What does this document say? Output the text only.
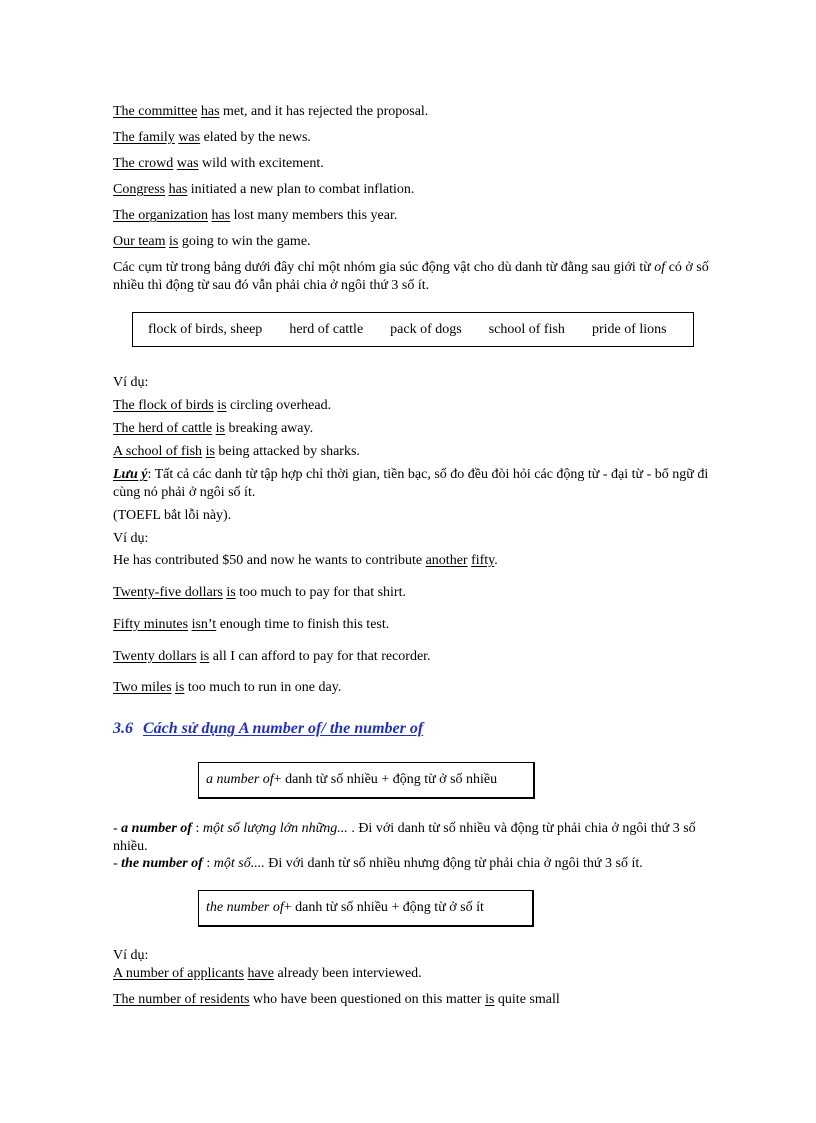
The committee has met, and it has rejected the proposal.
The family was elated by the news.
The crowd was wild with excitement.
Congress has initiated a new plan to combat inflation.
The organization has lost many members this year.
Our team is going to win the game.
Các cụm từ trong bảng dưới đây chỉ một nhóm gia súc động vật cho dù danh từ đằng sau giới từ of có ở số nhiều thì động từ sau đó vẫn phải chia ở ngôi thứ 3 số ít.
flock of birds, sheep herd of cattle pack of dogs school of fish pride of lions
Ví dụ:
The flock of birds is circling overhead.
The herd of cattle is breaking away.
A school of fish is being attacked by sharks.
Lưu ý: Tất cả các danh từ tập hợp chỉ thời gian, tiền bạc, số đo đều đòi hỏi các động từ - đại từ - bổ ngữ đi cùng nó phải ở ngôi số ít.
(TOEFL bắt lỗi này).
Ví dụ:
He has contributed $50 and now he wants to contribute another fifty.
Twenty-five dollars is too much to pay for that shirt.
Fifty minutes isn’t enough time to finish this test.
Twenty dollars is all I can afford to pay for that recorder.
Two miles is too much to run in one day.
3.6 Cách sử dụng A number of/ the number of
a number of + danh từ số nhiều + động từ ở số nhiều
- a number of : một số lượng lớn những... . Đi với danh từ số nhiều và động từ phải chia ở ngôi thứ 3 số nhiều.
- the number of : một số.... Đi với danh từ số nhiều nhưng động từ phải chia ở ngôi thứ 3 số ít.
the number of + danh từ số nhiều + động từ ở số ít
Ví dụ:
A number of applicants have already been interviewed.
The number of residents who have been questioned on this matter is quite small
